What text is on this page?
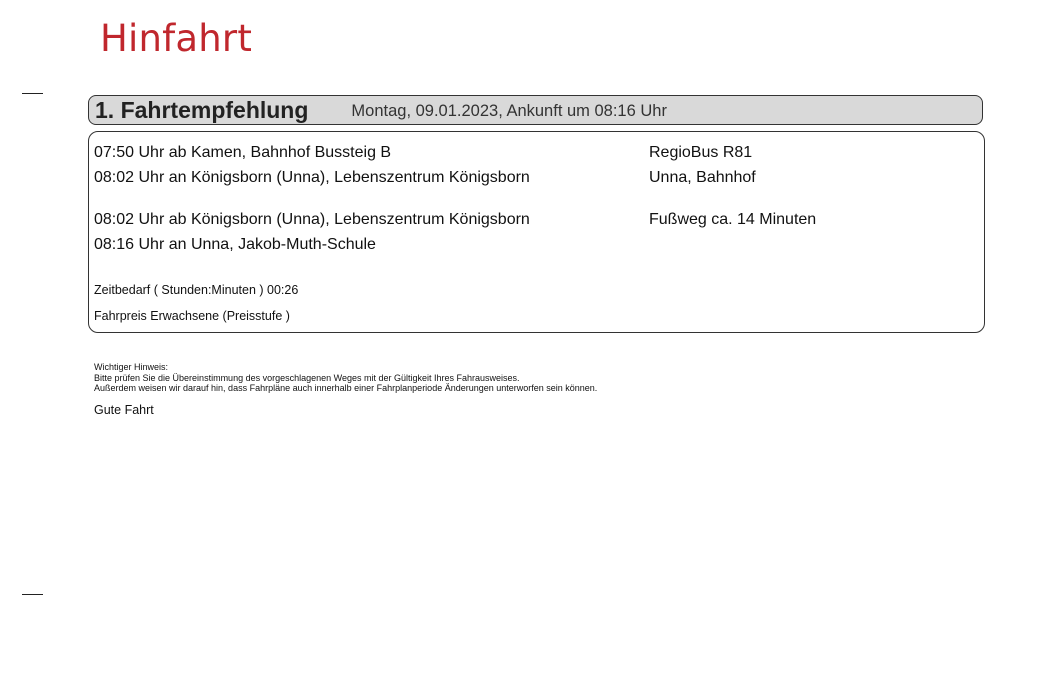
Hinfahrt
1. Fahrtempfehlung	Montag, 09.01.2023, Ankunft um 08:16 Uhr
07:50 Uhr ab Kamen, Bahnhof Bussteig B	RegioBus R81
08:02 Uhr an Königsborn (Unna), Lebenszentrum Königsborn	Unna, Bahnhof
08:02 Uhr ab Königsborn (Unna), Lebenszentrum Königsborn	Fußweg ca. 14 Minuten
08:16 Uhr an Unna, Jakob-Muth-Schule
Zeitbedarf ( Stunden:Minuten ) 00:26
Fahrpreis Erwachsene (Preisstufe )
Wichtiger Hinweis:
Bitte prüfen Sie die Übereinstimmung des vorgeschlagenen Weges mit der Gültigkeit Ihres Fahrausweises.
Außerdem weisen wir darauf hin, dass Fahrpläne auch innerhalb einer Fahrplanperiode Änderungen unterworfen sein können.
Gute Fahrt
